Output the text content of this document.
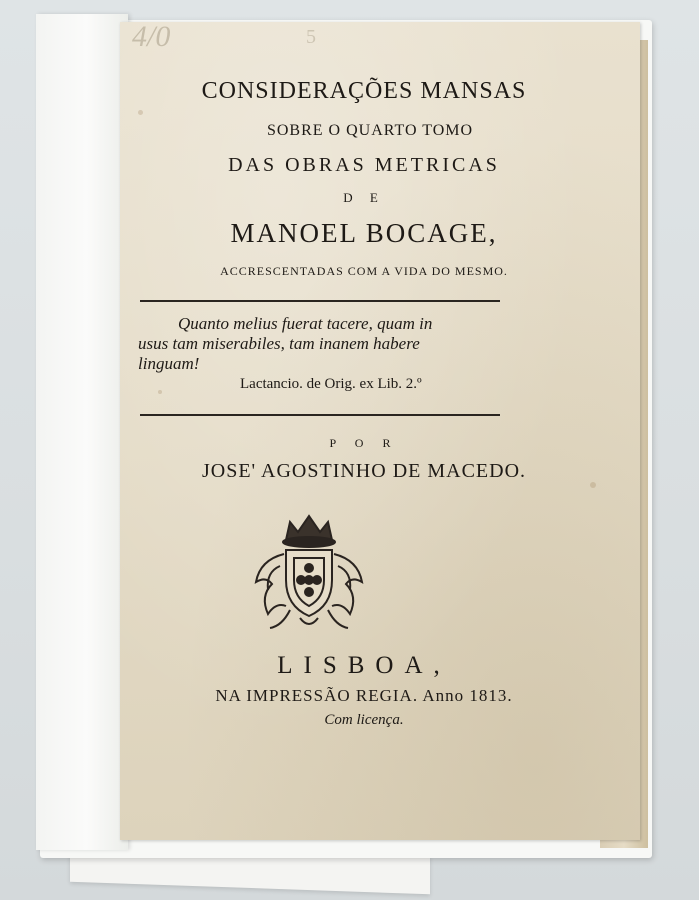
4/0	5
CONSIDERAÇÕES MANSAS
SOBRE O QUARTO TOMO
DAS OBRAS METRICAS
D E
MANOEL BOCAGE,
ACCRESCENTADAS COM A VIDA DO MESMO.
Quanto melius fuerat tacere, quam in
usus tam miserabiles, tam inanem habere
linguam!
Lactancio. de Orig. ex Lib. 2.º
P O R
JOSE' AGOSTINHO DE MACEDO.
LISBOA,
NA IMPRESSÃO REGIA. Anno 1813.
Com licença.
